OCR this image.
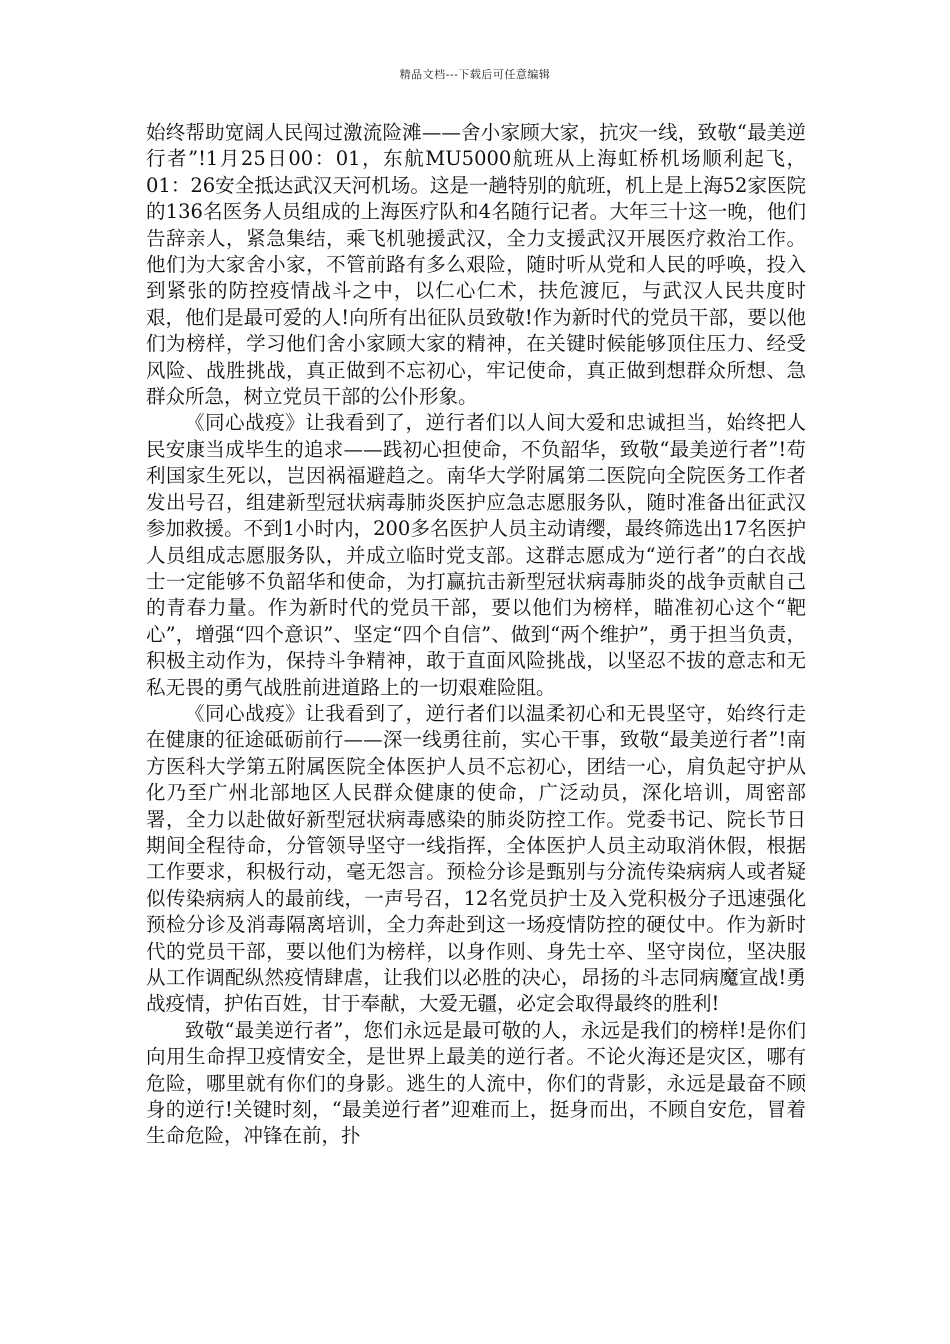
精品文档---下载后可任意编辑

始终帮助宽阔人民闯过激流险滩——舍小家顾大家，抗灾一线，致敬“最美逆行者”!1月25日00：01，东航MU5000航班从上海虹桥机场顺利起飞，01：26安全抵达武汉天河机场。这是一趟特别的航班，机上是上海52家医院的136名医务人员组成的上海医疗队和4名随行记者。大年三十这一晚，他们告辞亲人，紧急集结，乘飞机驰援武汉，全力支援武汉开展医疗救治工作。他们为大家舍小家，不管前路有多么艰险，随时听从党和人民的呼唤，投入到紧张的防控疫情战斗之中，以仁心仁术，扶危渡厄，与武汉人民共度时艰，他们是最可爱的人!向所有出征队员致敬!作为新时代的党员干部，要以他们为榜样，学习他们舍小家顾大家的精神，在关键时候能够顶住压力、经受风险、战胜挑战，真正做到不忘初心，牢记使命，真正做到想群众所想、急群众所急，树立党员干部的公仆形象。

《同心战疫》让我看到了，逆行者们以人间大爱和忠诚担当，始终把人民安康当成毕生的追求——践初心担使命，不负韶华，致敬“最美逆行者”!苟利国家生死以，岂因祸福避趋之。南华大学附属第二医院向全院医务工作者发出号召，组建新型冠状病毒肺炎医护应急志愿服务队，随时准备出征武汉参加救援。不到1小时内，200多名医护人员主动请缨，最终筛选出17名医护人员组成志愿服务队，并成立临时党支部。这群志愿成为“逆行者”的白衣战士一定能够不负韶华和使命，为打赢抗击新型冠状病毒肺炎的战争贡献自己的青春力量。作为新时代的党员干部，要以他们为榜样，瞄准初心这个“靶心”，增强“四个意识”、坚定“四个自信”、做到“两个维护”，勇于担当负责，积极主动作为，保持斗争精神，敢于直面风险挑战，以坚忍不拔的意志和无私无畏的勇气战胜前进道路上的一切艰难险阻。

《同心战疫》让我看到了，逆行者们以温柔初心和无畏坚守，始终行走在健康的征途砥砺前行——深一线勇往前，实心干事，致敬“最美逆行者”!南方医科大学第五附属医院全体医护人员不忘初心，团结一心，肩负起守护从化乃至广州北部地区人民群众健康的使命，广泛动员，深化培训，周密部署，全力以赴做好新型冠状病毒感染的肺炎防控工作。党委书记、院长节日期间全程待命，分管领导坚守一线指挥，全体医护人员主动取消休假，根据工作要求，积极行动，毫无怨言。预检分诊是甄别与分流传染病病人或者疑似传染病病人的最前线，一声号召，12名党员护士及入党积极分子迅速强化预检分诊及消毒隔离培训，全力奔赴到这一场疫情防控的硬仗中。作为新时代的党员干部，要以他们为榜样，以身作则、身先士卒、坚守岗位，坚决服从工作调配纵然疫情肆虐，让我们以必胜的决心，昂扬的斗志同病魔宣战!勇战疫情，护佑百姓，甘于奉献，大爱无疆，必定会取得最终的胜利!

致敬“最美逆行者”，您们永远是最可敬的人，永远是我们的榜样!是你们向用生命捍卫疫情安全，是世界上最美的逆行者。不论火海还是灾区，哪有危险，哪里就有你们的身影。逃生的人流中，你们的背影，永远是最奋不顾身的逆行!关键时刻，“最美逆行者”迎难而上，挺身而出，不顾自安危，冒着生命危险，冲锋在前，扑
